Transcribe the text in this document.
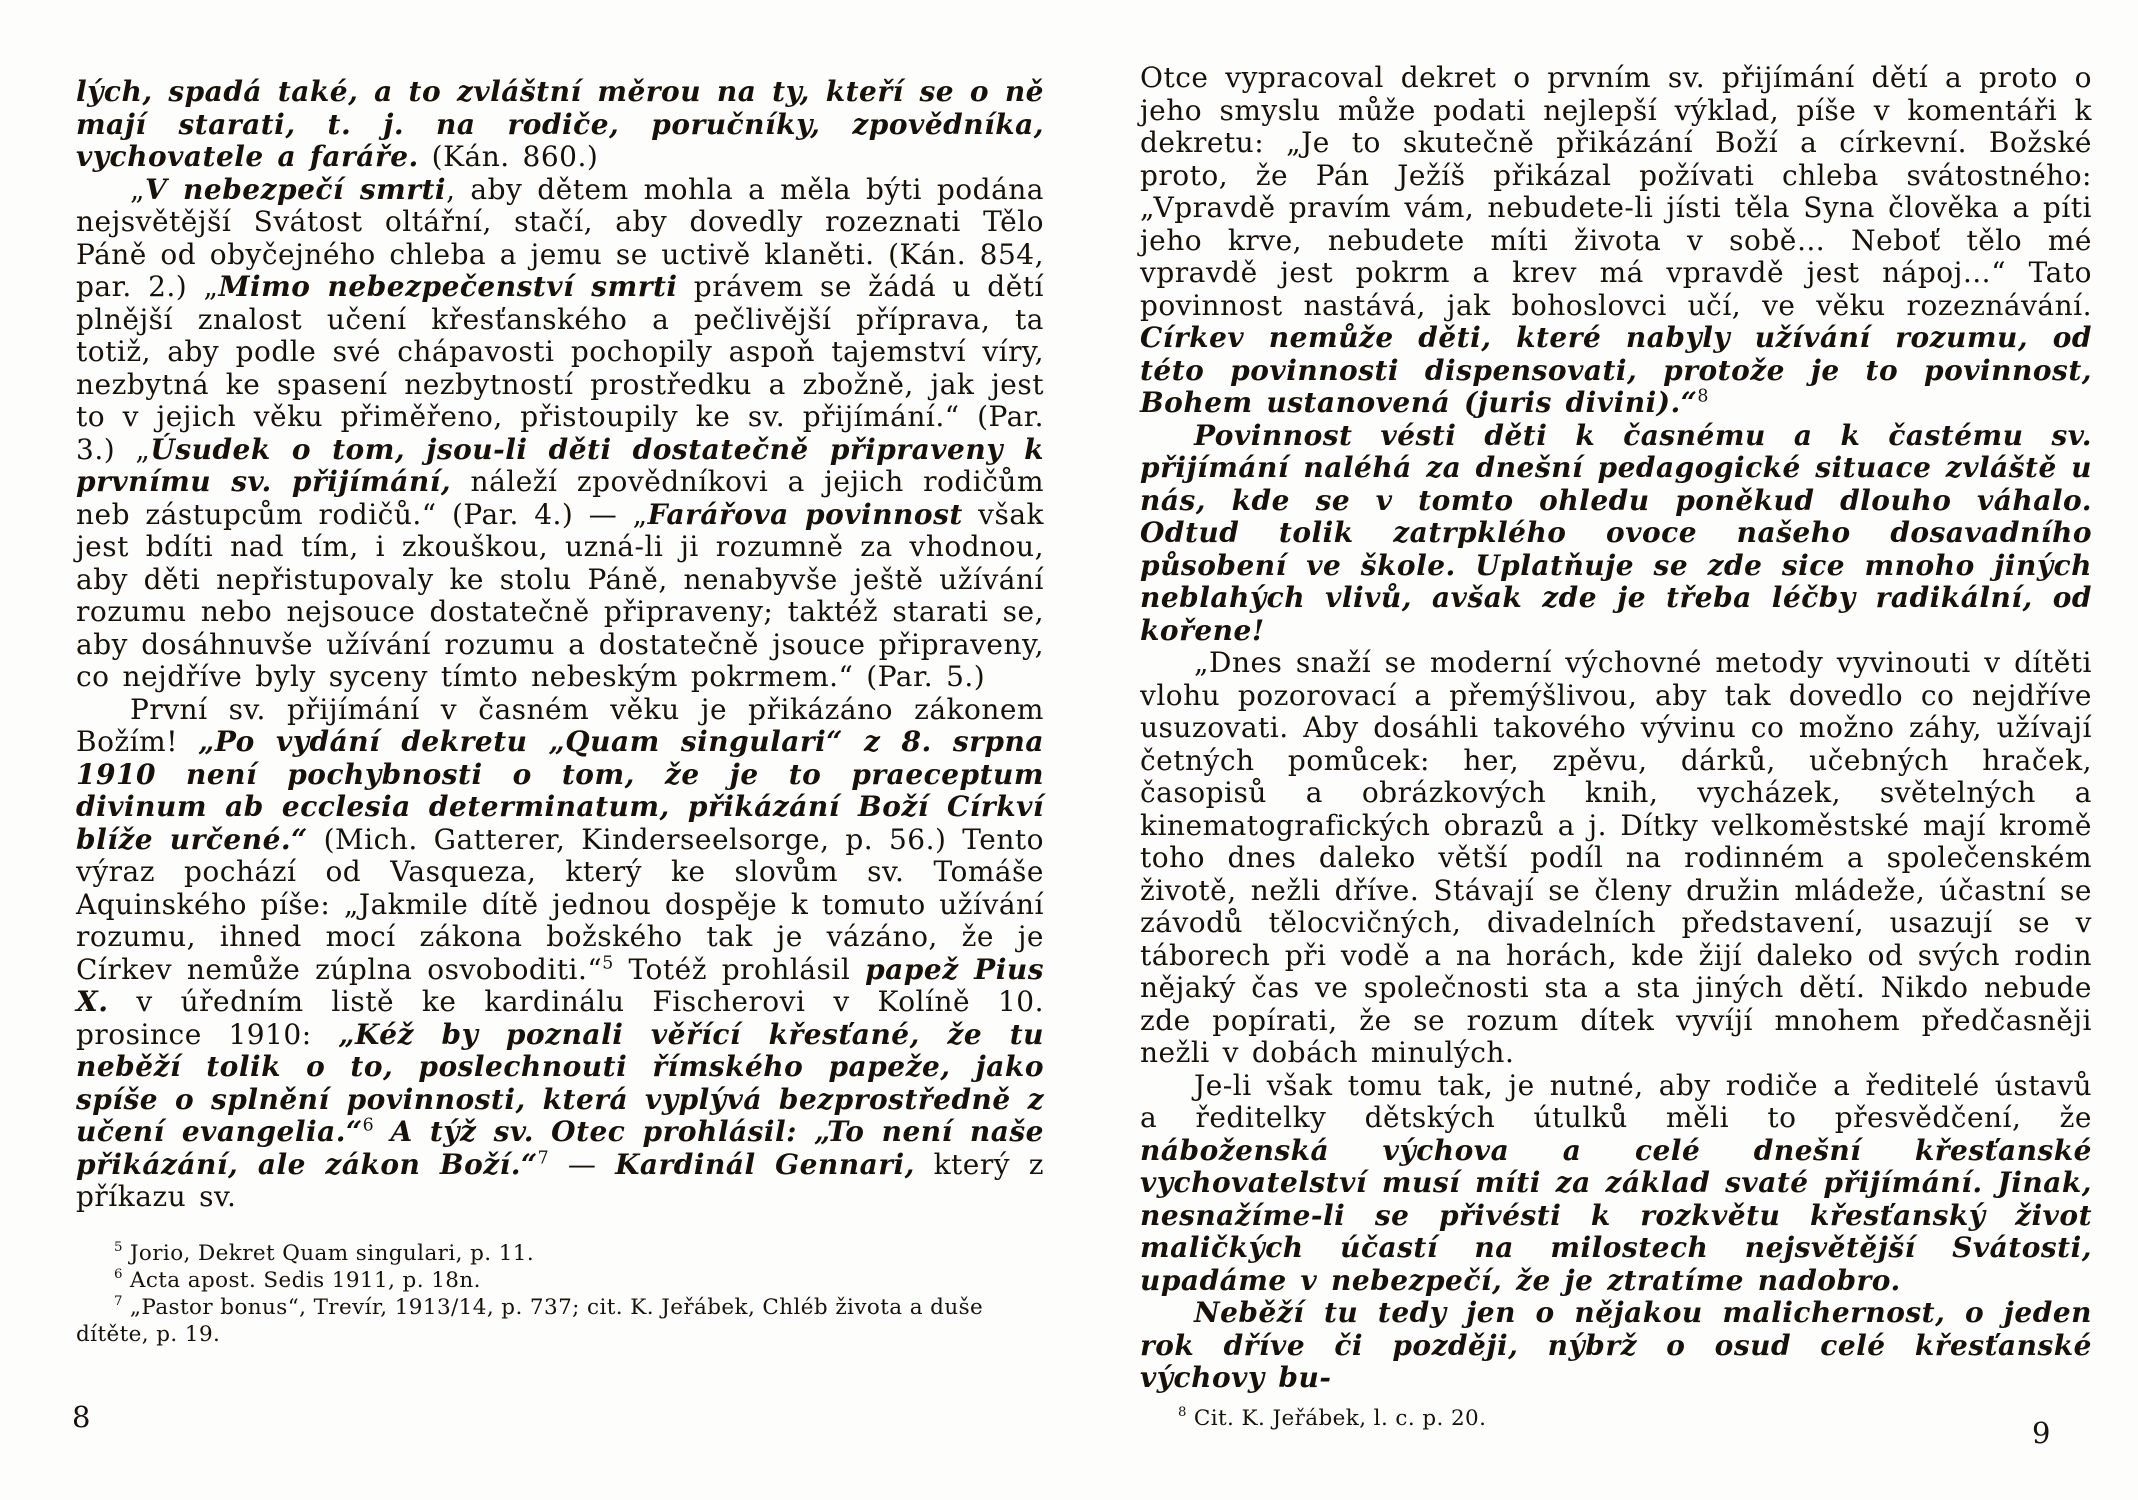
lých, spadá také, a to zvláštní měrou na ty, kteří se o ně mají starati, t. j. na rodiče, poručníky, zpovědníka, vychovatele a faráře. (Kán. 860.)

„V nebezpečí smrti, aby dětem mohla a měla býti podána nejsvětější Svátost oltářní, stačí, aby dovedly rozeznati Tělo Páně od obyčejného chleba a jemu se uctivě klaněti. (Kán. 854, par. 2.) „Mimo nebezpečenství smrti právem se žádá u dětí plnější znalost učení křesťanského a pečlivější příprava, ta totiž, aby podle své chápavosti pochopily aspoň tajemství víry, nezbytná ke spasení nezbytností prostředku a zbožně, jak jest to v jejich věku přiměřeno, přistoupily ke sv. přijímání.“ (Par. 3.) „Úsudek o tom, jsou-li děti dostatečně připraveny k prvnímu sv. přijímání, náleží zpovědníkovi a jejich rodičům neb zástupcům rodičů.“ (Par. 4.) — „Farářova povinnost však jest bdíti nad tím, i zkouškou, uzná-li ji rozumně za vhodnou, aby děti nepřistupovaly ke stolu Páně, nenabyvše ještě užívání rozumu nebo nejsouce dostatečně připraveny; taktéž starati se, aby dosáhnuvše užívání rozumu a dostatečně jsouce připraveny, co nejdříve byly syceny tímto nebeským pokrmem.“ (Par. 5.)

První sv. přijímání v časném věku je přikázáno zákonem Božím! „Po vydání dekretu „Quam singulari“ z 8. srpna 1910 není pochybnosti o tom, že je to praeceptum divinum ab ecclesia determinatum, přikázání Boží Církví blíže určené.“ (Mich. Gatterer, Kinderseelsorge, p. 56.) Tento výraz pochází od Vasqueza, který ke slovům sv. Tomáše Aquinského píše: „Jakmile dítě jednou dospěje k tomuto užívání rozumu, ihned mocí zákona božského tak je vázáno, že je Církev nemůže zúplna osvoboditi.“$^5$ Totéž prohlásil papež Pius X. v úředním listě ke kardinálu Fischerovi v Kolíně 10. prosince 1910: „Kéž by poznali věřící křesťané, že tu neběží tolik o to, poslechnouti římského papeže, jako spíše o splnění povinnosti, která vyplývá bezprostředně z učení evangelia.“$^6$ A týž sv. Otec prohlásil: „To není naše přikázání, ale zákon Boží.“$^7$ — Kardinál Gennari, který z příkazu sv.

$^5$ Jorio, Dekret Quam singulari, p. 11.

$^6$ Acta apost. Sedis 1911, p. 18n.

$^7$ „Pastor bonus“, Trevír, 1913/14, p. 737; cit. K. Jeřábek, Chléb života a duše dítěte, p. 19.

Otce vypracoval dekret o prvním sv. přijímání dětí a proto o jeho smyslu může podati nejlepší výklad, píše v komentáři k dekretu: „Je to skutečně přikázání Boží a církevní. Božské proto, že Pán Ježíš přikázal požívati chleba svátostného: „Vpravdě pravím vám, nebudete-li jísti těla Syna člověka a píti jeho krve, nebudete míti života v sobě… Neboť tělo mé vpravdě jest pokrm a krev má vpravdě jest nápoj…“ Tato povinnost nastává, jak bohoslovci učí, ve věku rozeznávání. Církev nemůže děti, které nabyly užívání rozumu, od této povinnosti dispensovati, protože je to povinnost, Bohem ustanovená (juris divini).“$^8$

Povinnost vésti děti k časnému a k častému sv. přijímání naléhá za dnešní pedagogické situace zvláště u nás, kde se v tomto ohledu poněkud dlouho váhalo. Odtud tolik zatrpklého ovoce našeho dosavadního působení ve škole. Uplatňuje se zde sice mnoho jiných neblahých vlivů, avšak zde je třeba léčby radikální, od kořene!

„Dnes snaží se moderní výchovné metody vyvinouti v dítěti vlohu pozorovací a přemýšlivou, aby tak dovedlo co nejdříve usuzovati. Aby dosáhli takového vývinu co možno záhy, užívají četných pomůcek: her, zpěvu, dárků, učebných hraček, časopisů a obrázkových knih, vycházek, světelných a kinematografických obrazů a j. Dítky velkoměstské mají kromě toho dnes daleko větší podíl na rodinném a společenském životě, nežli dříve. Stávají se členy družin mládeže, účastní se závodů tělocvičných, divadelních představení, usazují se v táborech při vodě a na horách, kde žijí daleko od svých rodin nějaký čas ve společnosti sta a sta jiných dětí. Nikdo nebude zde popírati, že se rozum dítek vyvíjí mnohem předčasněji nežli v dobách minulých.

Je-li však tomu tak, je nutné, aby rodiče a ředitelé ústavů a ředitelky dětských útulků měli to přesvědčení, že náboženská výchova a celé dnešní křesťanské vychovatelství musí míti za základ svaté přijímání. Jinak, nesnažíme-li se přivésti k rozkvětu křesťanský život maličkých účastí na milostech nejsvětější Svátosti, upadáme v nebezpečí, že je ztratíme nadobro.

Neběží tu tedy jen o nějakou malichernost, o jeden rok dříve či později, nýbrž o osud celé křesťanské výchovy bu-

$^8$ Cit. K. Jeřábek, l. c. p. 20.

8	9
